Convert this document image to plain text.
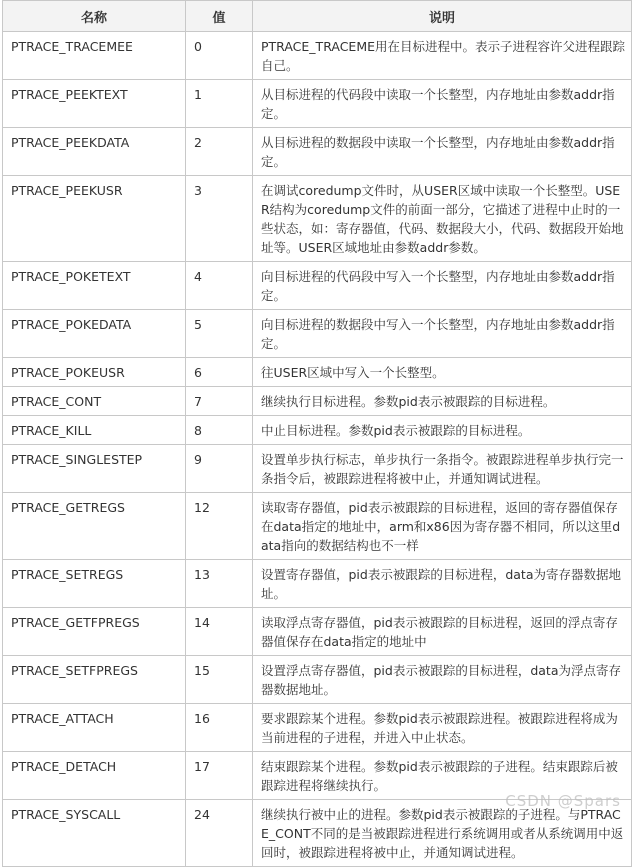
名称	值	说明
PTRACE_TRACEMEE	0	PTRACE_TRACEME用在目标进程中。表示子进程容许父进程跟踪自己。
PTRACE_PEEKTEXT	1	从目标进程的代码段中读取一个长整型，内存地址由参数addr指定。
PTRACE_PEEKDATA	2	从目标进程的数据段中读取一个长整型，内存地址由参数addr指定。
PTRACE_PEEKUSR	3	在调试coredump文件时，从USER区域中读取一个长整型。USER结构为coredump文件的前面一部分，它描述了进程中止时的一些状态，如：寄存器值，代码、数据段大小，代码、数据段开始地址等。USER区域地址由参数addr参数。
PTRACE_POKETEXT	4	向目标进程的代码段中写入一个长整型，内存地址由参数addr指定。
PTRACE_POKEDATA	5	向目标进程的数据段中写入一个长整型，内存地址由参数addr指定。
PTRACE_POKEUSR	6	往USER区域中写入一个长整型。
PTRACE_CONT	7	继续执行目标进程。参数pid表示被跟踪的目标进程。
PTRACE_KILL	8	中止目标进程。参数pid表示被跟踪的目标进程。
PTRACE_SINGLESTEP	9	设置单步执行标志，单步执行一条指令。被跟踪进程单步执行完一条指令后，被跟踪进程将被中止，并通知调试进程。
PTRACE_GETREGS	12	读取寄存器值，pid表示被跟踪的目标进程，返回的寄存器值保存在data指定的地址中，arm和x86因为寄存器不相同，所以这里data指向的数据结构也不一样
PTRACE_SETREGS	13	设置寄存器值，pid表示被跟踪的目标进程，data为寄存器数据地址。
PTRACE_GETFPREGS	14	读取浮点寄存器值，pid表示被跟踪的目标进程，返回的浮点寄存器值保存在data指定的地址中
PTRACE_SETFPREGS	15	设置浮点寄存器值，pid表示被跟踪的目标进程，data为浮点寄存器数据地址。
PTRACE_ATTACH	16	要求跟踪某个进程。参数pid表示被跟踪进程。被跟踪进程将成为当前进程的子进程，并进入中止状态。
PTRACE_DETACH	17	结束跟踪某个进程。参数pid表示被跟踪的子进程。结束跟踪后被跟踪进程将继续执行。
PTRACE_SYSCALL	24	继续执行被中止的进程。参数pid表示被跟踪的子进程。与PTRACE_CONT不同的是当被跟踪进程进行系统调用或者从系统调用中返回时，被跟踪进程将被中止，并通知调试进程。
CSDN @Spars
